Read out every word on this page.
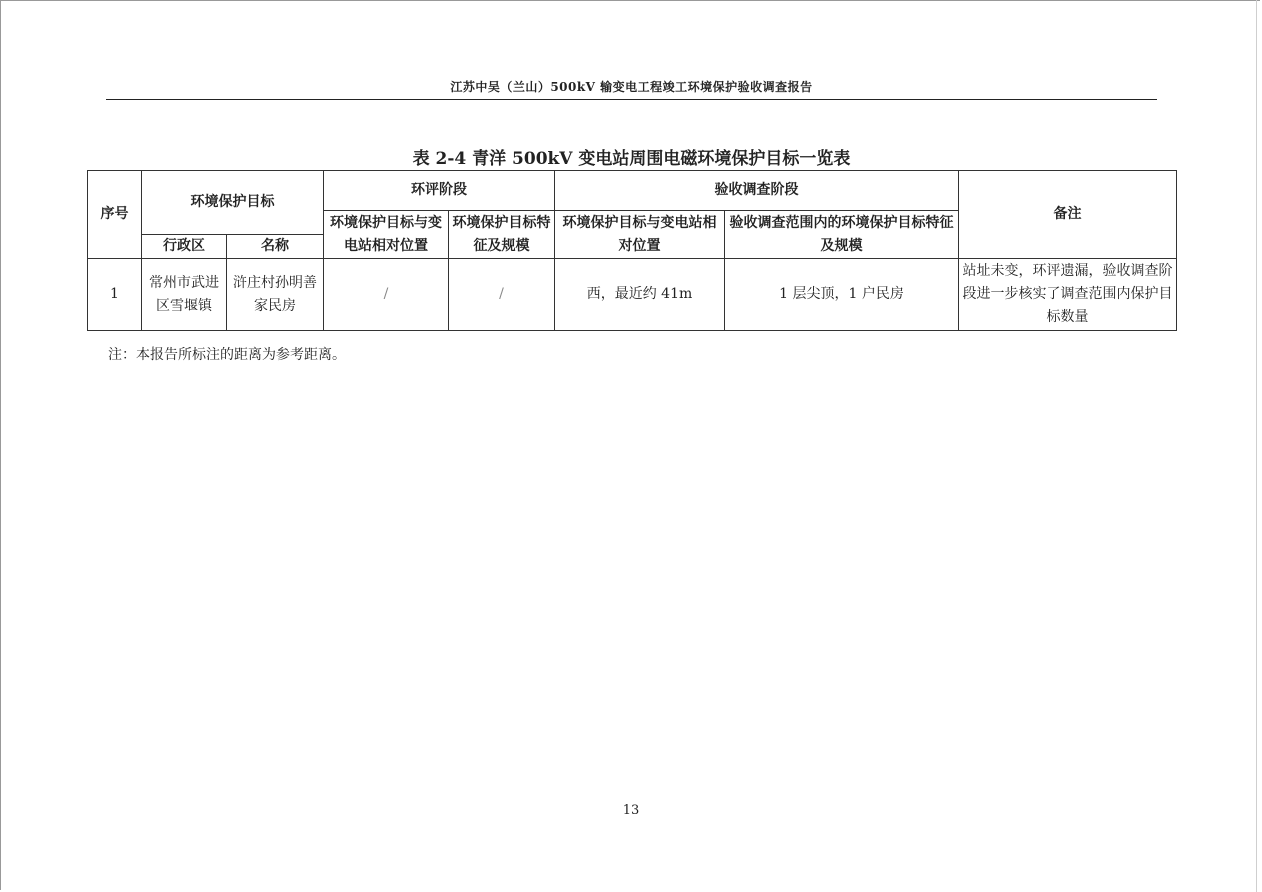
江苏中吴（兰山）500kV 输变电工程竣工环境保护验收调查报告
表 2-4 青洋 500kV 变电站周围电磁环境保护目标一览表
序号	环境保护目标		环评阶段		验收调查阶段		备注
			环境保护目标与变电站相对位置	环境保护目标特征及规模	环境保护目标与变电站相对位置	验收调查范围内的环境保护目标特征及规模	
	行政区	名称					
1	常州市武进区雪堰镇	浒庄村孙明善家民房	/	/	西，最近约 41m	1 层尖顶，1 户民房	站址未变，环评遗漏，验收调查阶段进一步核实了调查范围内保护目标数量
注：本报告所标注的距离为参考距离。
13
